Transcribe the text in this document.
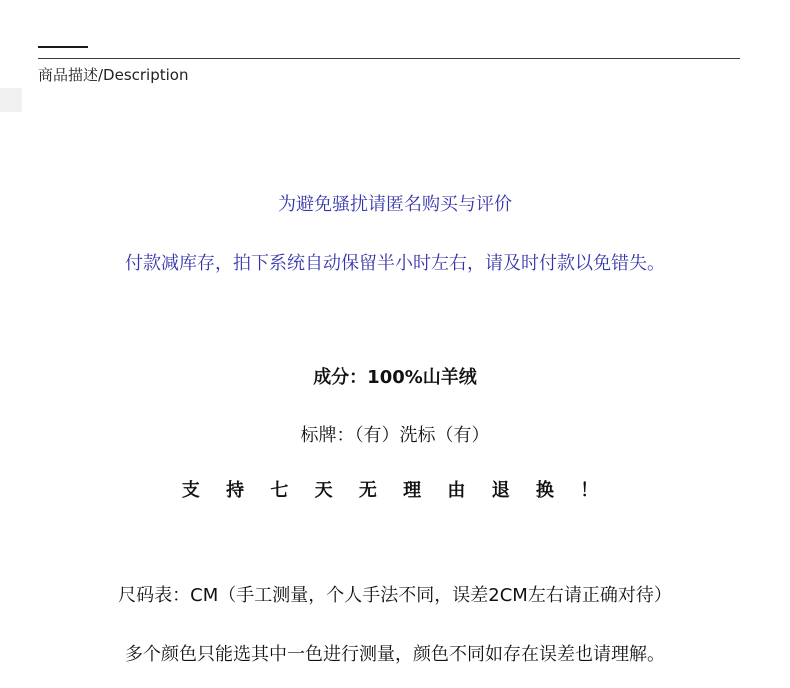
商品描述/Description
为避免骚扰请匿名购买与评价
付款减库存，拍下系统自动保留半小时左右，请及时付款以免错失。
成分：100%山羊绒
标牌：（有）洗标（有）
支 持 七 天 无 理 由 退 换 ！
尺码表：CM（手工测量，个人手法不同，误差2CM左右请正确对待）
多个颜色只能选其中一色进行测量，颜色不同如存在误差也请理解。
